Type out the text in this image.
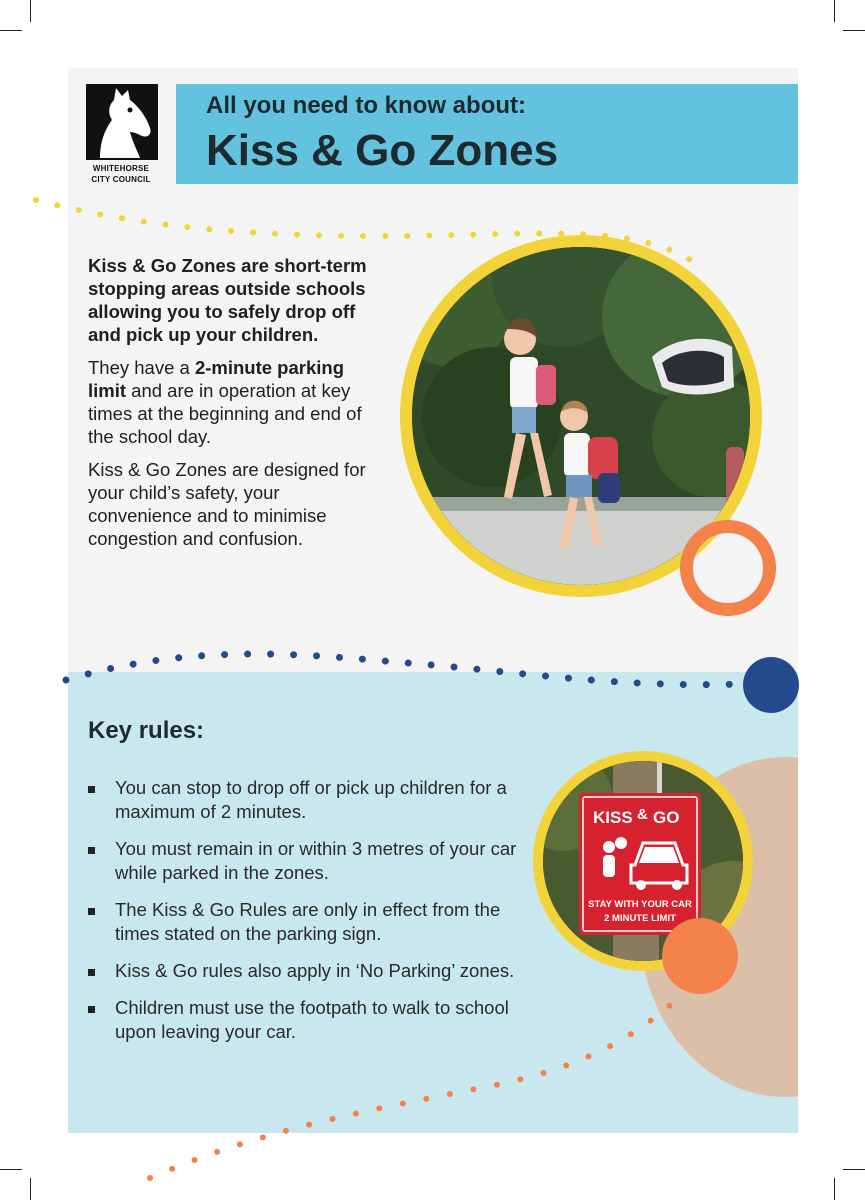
WHITEHORSE
CITY COUNCIL
All you need to know about:
Kiss & Go Zones

Kiss & Go Zones are short-term stopping areas outside schools allowing you to safely drop off and pick up your children.

They have a 2-minute parking limit and are in operation at key times at the beginning and end of the school day.

Kiss & Go Zones are designed for your child’s safety, your convenience and to minimise congestion and confusion.

Key rules:
You can stop to drop off or pick up children for a maximum of 2 minutes.
You must remain in or within 3 metres of your car while parked in the zones.
The Kiss & Go Rules are only in effect from the times stated on the parking sign.
Kiss & Go rules also apply in ‘No Parking’ zones.
Children must use the footpath to walk to school upon leaving your car.
KISS & GO
STAY WITH YOUR CAR
2 MINUTE LIMIT
